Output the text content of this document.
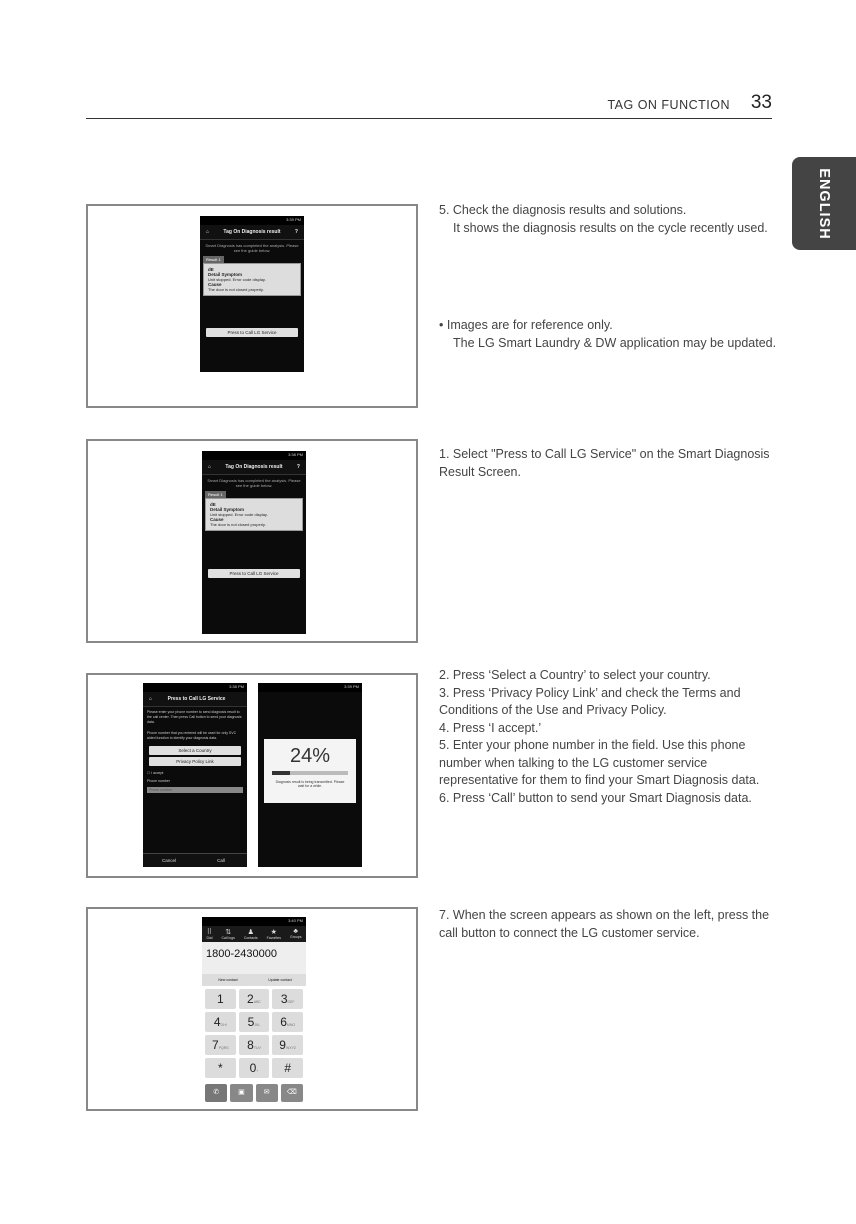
TAG ON FUNCTION 33
ENGLISH
3:39 PM
⌂	Tag On Diagnosis result	?
Smart Diagnosis has completed the analysis. Please see the guide below.
Result 1
dE
Detail Symptom
Unit stopped. Error code display.
Cause
The door is not closed properly.
Press to Call LG Service

5. Check the diagnosis results and solutions.

It shows the diagnosis results on the cycle recently used.

• Images are for reference only.

The LG Smart Laundry & DW application may be updated.

3:38 PM
⌂	Tag On Diagnosis result	?
Smart Diagnosis has completed the analysis. Please see the guide below.
Result 1
dE
Detail Symptom
Unit stopped. Error code display.
Cause
The door is not closed properly.
Press to Call LG Service

1. Select "Press to Call LG Service" on the Smart Diagnosis Result Screen.

3:38 PM
⌂	Press to Call LG Service
Please enter your phone number to send diagnosis result to the call center. Then press Call button to send your diagnosis data.
Phone number that you entered will be used for only SVC aided function to identify your diagnosis data.
Select a Country
Privacy Policy Link
☐ I accept
Phone number
Phone number
Cancel	Call
3:39 PM
24%
Diagnosis result is being transmitted. Please wait for a while.

2. Press ‘Select a Country’ to select your country.

3. Press ‘Privacy Policy Link’ and check the Terms and Conditions of the Use and Privacy Policy.

4. Press ‘I accept.’

5. Enter your phone number in the field. Use this phone number when talking to the LG customer service representative for them to find your Smart Diagnosis data.

6. Press ‘Call’ button to send your Smart Diagnosis data.

3:40 PM
⠿
Dial
⇅
Call logs
♟
Contacts
★
Favorites
♣
Groups
1800-2430000
New contact	Update contact
1	2ABC	3DEF
4GHI	5JKL	6MNO
7PQRS	8TUV	9WXYZ
*	0+	#
✆	▣	✉	⌫

7. When the screen appears as shown on the left, press the call button to connect the LG customer service.
